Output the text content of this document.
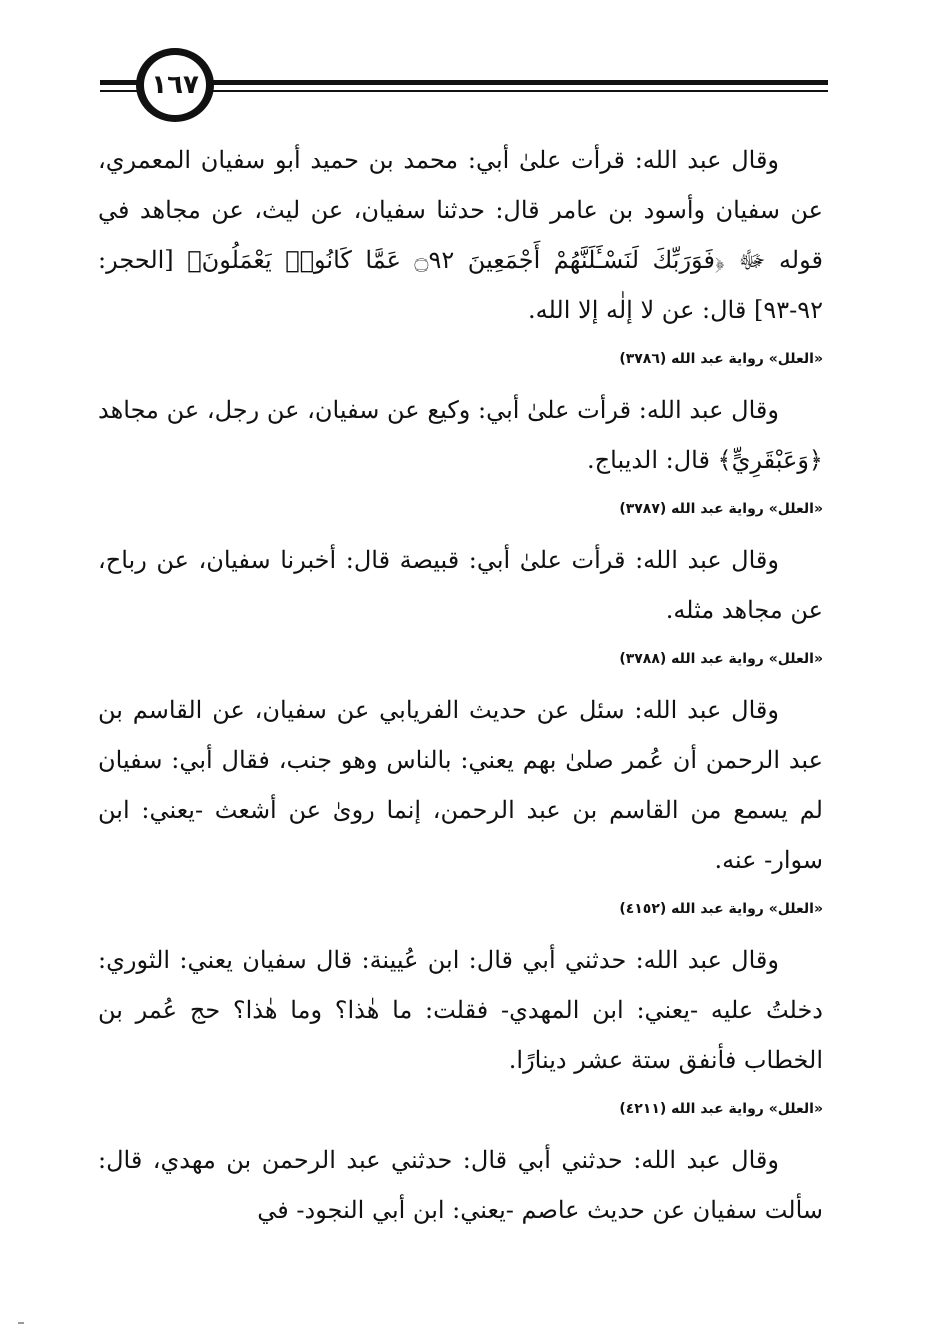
١٦٧

وقال عبد الله: قرأت علىٰ أبي: محمد بن حميد أبو سفيان المعمري، عن سفيان وأسود بن عامر قال: حدثنا سفيان، عن ليث، عن مجاهد في قوله ﷻ ﴿فَوَرَبِّكَ لَنَسْـَٔلَنَّهُمْ أَجْمَعِينَ ۝٩٢ عَمَّا كَانُوا۟ يَعْمَلُونَ﴾ [الحجر: ٩٢-٩٣] قال: عن لا إلٰه إلا الله.

«العلل» رواية عبد الله (٣٧٨٦)

وقال عبد الله: قرأت علىٰ أبي: وكيع عن سفيان، عن رجل، عن مجاهد ﴿وَعَبْقَرِيٍّ﴾ قال: الديباج.

«العلل» رواية عبد الله (٣٧٨٧)

وقال عبد الله: قرأت علىٰ أبي: قبيصة قال: أخبرنا سفيان، عن رباح، عن مجاهد مثله.

«العلل» رواية عبد الله (٣٧٨٨)

وقال عبد الله: سئل عن حديث الفريابي عن سفيان، عن القاسم بن عبد الرحمن أن عُمر صلىٰ بهم يعني: بالناس وهو جنب، فقال أبي: سفيان لم يسمع من القاسم بن عبد الرحمن، إنما روىٰ عن أشعث -يعني: ابن سوار- عنه.

«العلل» رواية عبد الله (٤١٥٢)

وقال عبد الله: حدثني أبي قال: ابن عُيينة: قال سفيان يعني: الثوري: دخلتُ عليه -يعني: ابن المهدي- فقلت: ما هٰذا؟ وما هٰذا؟ حج عُمر بن الخطاب فأنفق ستة عشر دينارًا.

«العلل» رواية عبد الله (٤٢١١)

وقال عبد الله: حدثني أبي قال: حدثني عبد الرحمن بن مهدي، قال: سألت سفيان عن حديث عاصم -يعني: ابن أبي النجود- في
